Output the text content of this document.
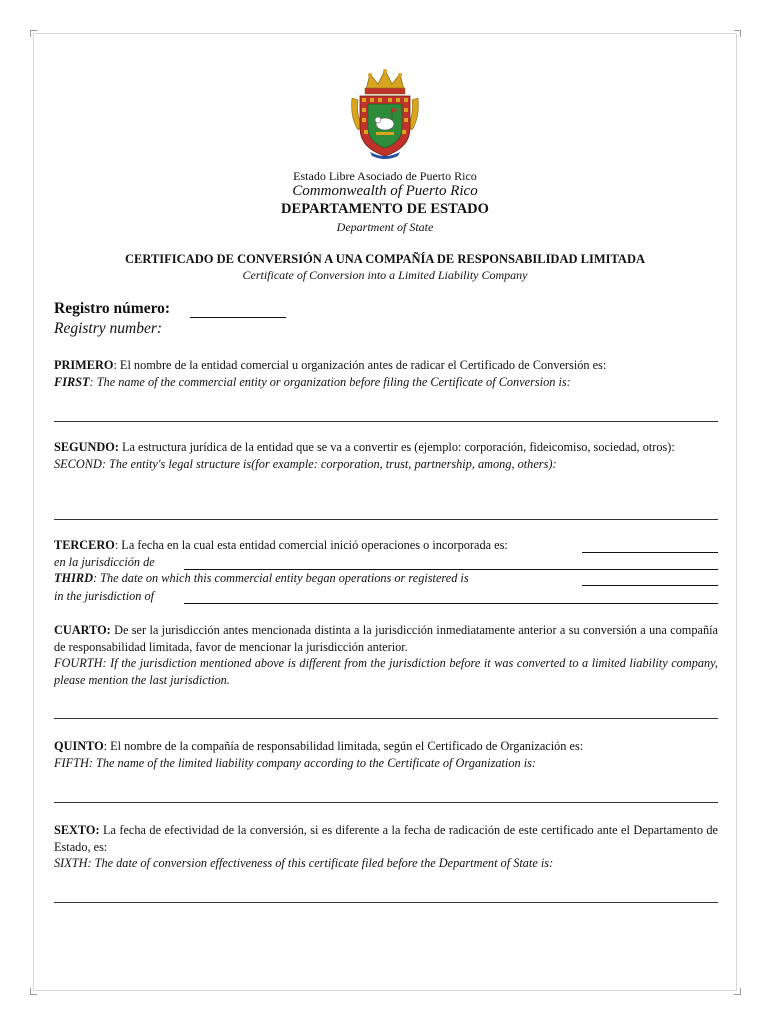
Estado Libre Asociado de Puerto Rico
Commonwealth of Puerto Rico
DEPARTAMENTO DE ESTADO
Department of State
CERTIFICADO DE CONVERSIÓN A UNA COMPAÑÍA DE RESPONSABILIDAD LIMITADA
Certificate of Conversion into a Limited Liability Company
Registro número:
Registry number:
PRIMERO: El nombre de la entidad comercial u organización antes de radicar el Certificado de Conversión es:
FIRST: The name of the commercial entity or organization before filing the Certificate of Conversion is:
SEGUNDO: La estructura jurídica de la entidad que se va a convertir es (ejemplo: corporación, fideicomiso, sociedad, otros):
SECOND: The entity's legal structure is(for example: corporation, trust, partnership, among, others):
TERCERO: La fecha en la cual esta entidad comercial inició operaciones o incorporada es:
en la jurisdicción de
THIRD: The date on which this commercial entity began operations or registered is
in the jurisdiction of
CUARTO: De ser la jurisdicción antes mencionada distinta a la jurisdicción inmediatamente anterior a su conversión a una compañía de responsabilidad limitada, favor de mencionar la jurisdicción anterior.
FOURTH: If the jurisdiction mentioned above is different from the jurisdiction before it was converted to a limited liability company, please mention the last jurisdiction.
QUINTO: El nombre de la compañía de responsabilidad limitada, según el Certificado de Organización es:
FIFTH: The name of the limited liability company according to the Certificate of Organization is:
SEXTO: La fecha de efectividad de la conversión, si es diferente a la fecha de radicación de este certificado ante el Departamento de Estado, es:
SIXTH: The date of conversion effectiveness of this certificate filed before the Department of State is:
